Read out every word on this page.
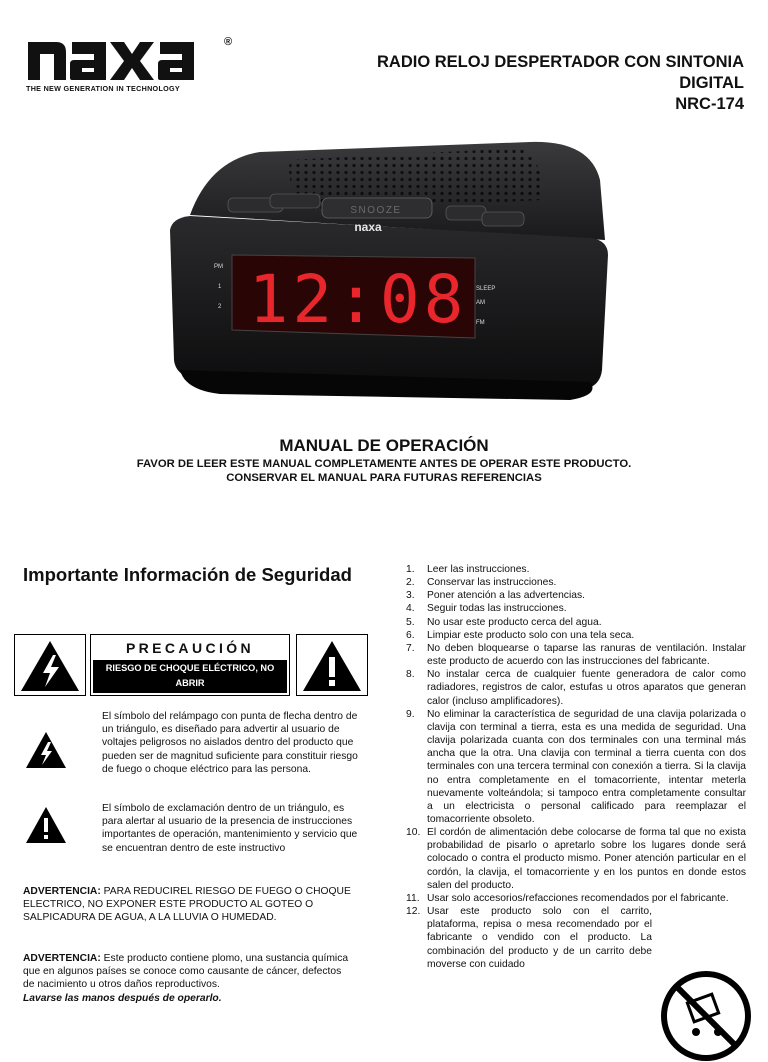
®
THE NEW GENERATION IN TECHNOLOGY
RADIO RELOJ DESPERTADOR CON SINTONIA
DIGITAL
NRC-174
SNOOZE
naxa
12:08
PM
1
2
SLEEP
AM
FM
MANUAL DE OPERACIÓN
FAVOR DE LEER ESTE MANUAL COMPLETAMENTE ANTES DE OPERAR ESTE PRODUCTO.
CONSERVAR EL MANUAL PARA FUTURAS REFERENCIAS
Importante Información de Seguridad
PRECAUCIÓN
RIESGO DE CHOQUE ELÉCTRICO, NO ABRIR
El símbolo del relámpago con punta de flecha dentro de un triángulo, es diseñado para advertir al usuario de voltajes peligrosos no aislados dentro del producto que pueden ser de magnitud suficiente para constituir riesgo de fuego o choque eléctrico para las persona.
El símbolo de exclamación dentro de un triángulo, es para alertar al usuario de la presencia de instrucciones importantes de operación, mantenimiento y servicio que se encuentran dentro de este instructivo
ADVERTENCIA: PARA REDUCIREL RIESGO DE FUEGO O CHOQUE ELECTRICO, NO EXPONER ESTE PRODUCTO AL GOTEO O SALPICADURA DE AGUA, A LA LLUVIA O HUMEDAD.
ADVERTENCIA: Este producto contiene plomo, una sustancia química que en algunos países se conoce como causante de cáncer, defectos de nacimiento u otros daños reproductivos.
Lavarse las manos después de operarlo.
1. Leer las instrucciones.
2. Conservar las instrucciones.
3. Poner atención a las advertencias.
4. Seguir todas las instrucciones.
5. No usar este producto cerca del agua.
6. Limpiar este producto solo con una tela seca.
7. No deben bloquearse o taparse las ranuras de ventilación. Instalar este producto de acuerdo con las instrucciones del fabricante.
8. No instalar cerca de cualquier fuente generadora de calor como radiadores, registros de calor, estufas u otros aparatos que generan calor (incluso amplificadores).
9. No eliminar la característica de seguridad de una clavija polarizada o clavija con terminal a tierra, esta es una medida de seguridad. Una clavija polarizada cuanta con dos terminales con una terminal más ancha que la otra. Una clavija con terminal a tierra cuenta con dos terminales con una tercera terminal con conexión a tierra. Si la clavija no entra completamente en el tomacorriente, intentar meterla nuevamente volteándola; si tampoco entra completamente consultar a un electricista o personal calificado para reemplazar el tomacorriente obsoleto.
10. El cordón de alimentación debe colocarse de forma tal que no exista probabilidad de pisarlo o apretarlo sobre los lugares donde será colocado o contra el producto mismo. Poner atención particular en el cordón, la clavija, el tomacorriente y en los puntos en donde estos salen del producto.
11. Usar solo accesorios/refacciones recomendados por el fabricante.
12. Usar este producto solo con el carrito, plataforma, repisa o mesa recomendado por el fabricante o vendido con el producto. La combinación del producto y de un carrito debe moverse con cuidado
